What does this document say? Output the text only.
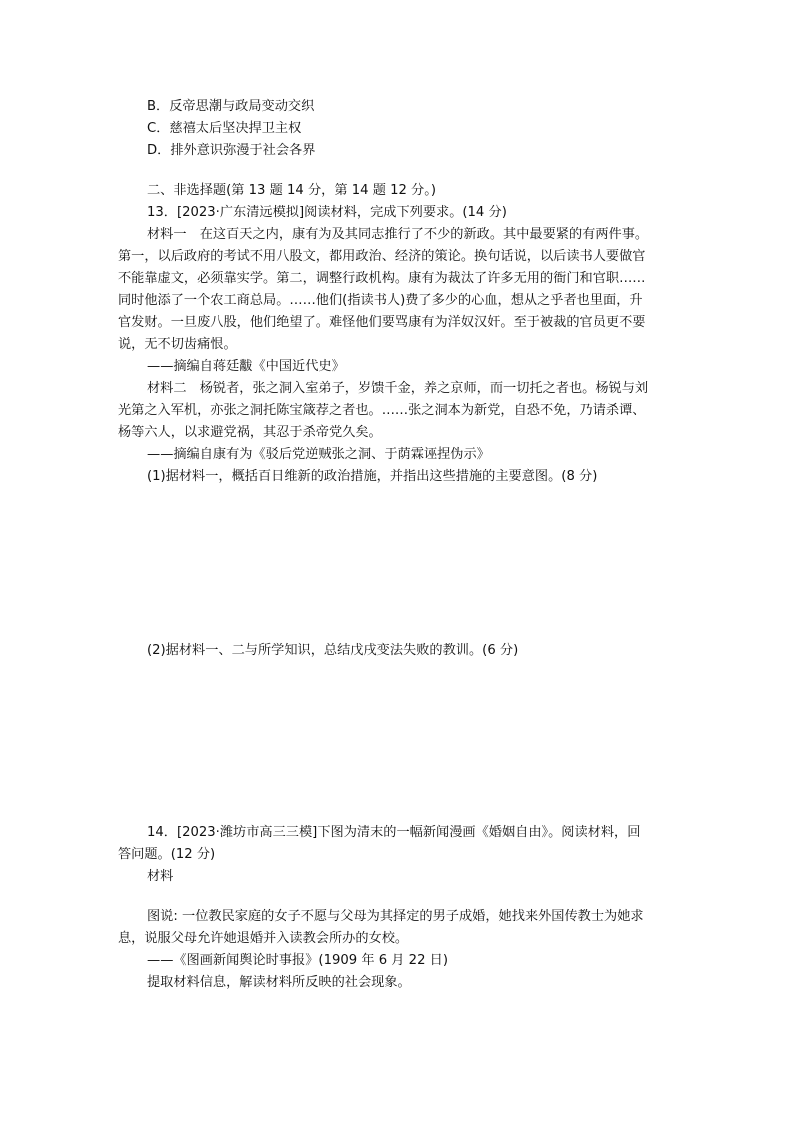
B．反帝思潮与政局变动交织
C．慈禧太后坚决捍卫主权
D．排外意识弥漫于社会各界
二、非选择题(第 13 题 14 分，第 14 题 12 分。)
13．[2023·广东清远模拟]阅读材料，完成下列要求。(14 分)
材料一　在这百天之内，康有为及其同志推行了不少的新政。其中最要紧的有两件事。
第一，以后政府的考试不用八股文，都用政治、经济的策论。换句话说，以后读书人要做官
不能靠虚文，必须靠实学。第二，调整行政机构。康有为裁汰了许多无用的衙门和官职……
同时他添了一个农工商总局。……他们(指读书人)费了多少的心血，想从之乎者也里面，升
官发财。一旦废八股，他们绝望了。难怪他们要骂康有为洋奴汉奸。至于被裁的官员更不要
说，无不切齿痛恨。
——摘编自蒋廷黻《中国近代史》
材料二　杨锐者，张之洞入室弟子，岁馈千金，养之京师，而一切托之者也。杨锐与刘
光第之入军机，亦张之洞托陈宝箴荐之者也。……张之洞本为新党，自恐不免，乃请杀谭、
杨等六人，以求避党祸，其忍于杀帝党久矣。
——摘编自康有为《驳后党逆贼张之洞、于荫霖诬捏伪示》
(1)据材料一，概括百日维新的政治措施，并指出这些措施的主要意图。(8 分)
(2)据材料一、二与所学知识，总结戊戌变法失败的教训。(6 分)
14．[2023·潍坊市高三三模]下图为清末的一幅新闻漫画《婚姻自由》。阅读材料，回
答问题。(12 分)
材料
图说: 一位教民家庭的女子不愿与父母为其择定的男子成婚，她找来外国传教士为她求
息，说服父母允许她退婚并入读教会所办的女校。
——《图画新闻舆论时事报》(1909 年 6 月 22 日)
提取材料信息，解读材料所反映的社会现象。
